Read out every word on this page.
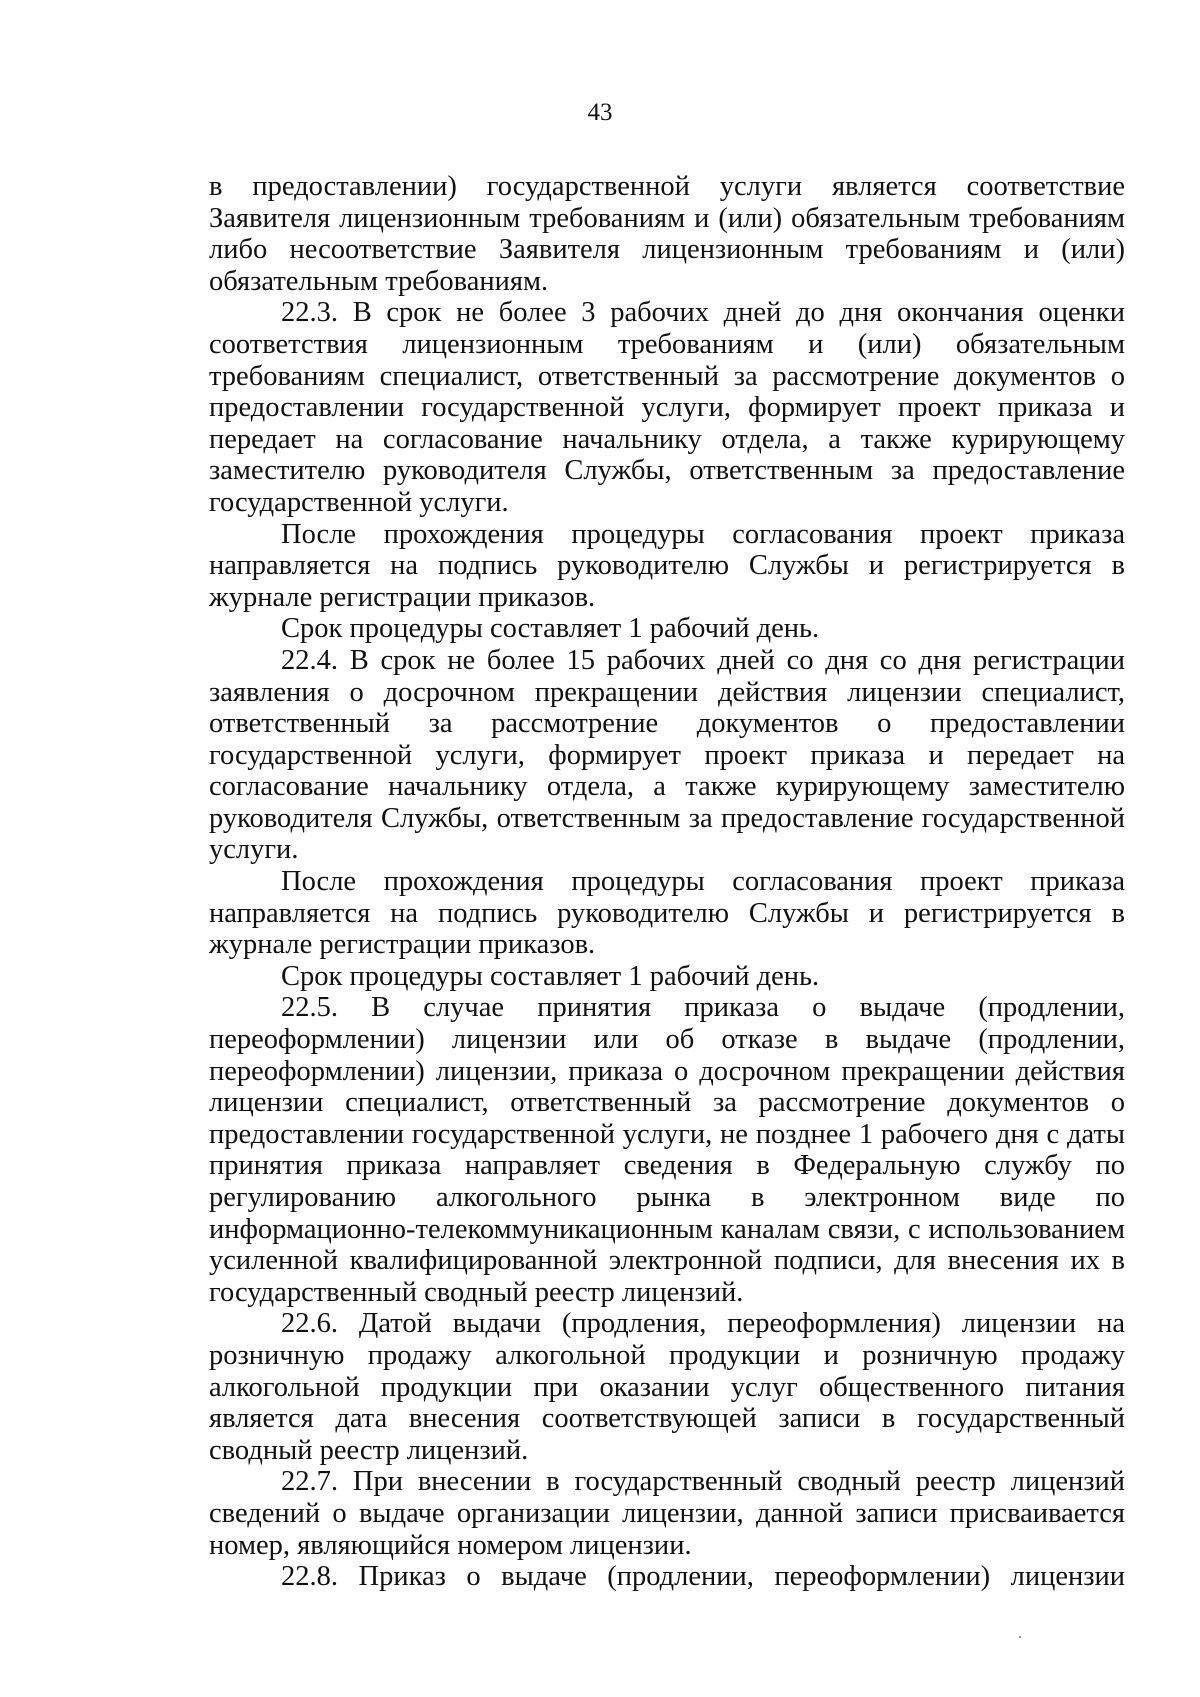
43

в предоставлении) государственной услуги является соответствие Заявителя лицензионным требованиям и (или) обязательным требованиям либо несоответствие Заявителя лицензионным требованиям и (или) обязательным требованиям.

22.3. В срок не более 3 рабочих дней до дня окончания оценки соответствия лицензионным требованиям и (или) обязательным требованиям специалист, ответственный за рассмотрение документов о предоставлении государственной услуги, формирует проект приказа и передает на согласование начальнику отдела, а также курирующему заместителю руководителя Службы, ответственным за предоставление государственной услуги.

После прохождения процедуры согласования проект приказа направляется на подпись руководителю Службы и регистрируется в журнале регистрации приказов.

Срок процедуры составляет 1 рабочий день.

22.4. В срок не более 15 рабочих дней со дня со дня регистрации заявления о досрочном прекращении действия лицензии специалист, ответственный за рассмотрение документов о предоставлении государственной услуги, формирует проект приказа и передает на согласование начальнику отдела, а также курирующему заместителю руководителя Службы, ответственным за предоставление государственной услуги.

После прохождения процедуры согласования проект приказа направляется на подпись руководителю Службы и регистрируется в журнале регистрации приказов.

Срок процедуры составляет 1 рабочий день.

22.5. В случае принятия приказа о выдаче (продлении, переоформлении) лицензии или об отказе в выдаче (продлении, переоформлении) лицензии, приказа о досрочном прекращении действия лицензии специалист, ответственный за рассмотрение документов о предоставлении государственной услуги, не позднее 1 рабочего дня с даты принятия приказа направляет сведения в Федеральную службу по регулированию алкогольного рынка в электронном виде по информационно-телекоммуникационным каналам связи, с использованием усиленной квалифицированной электронной подписи, для внесения их в государственный сводный реестр лицензий.

22.6. Датой выдачи (продления, переоформления) лицензии на розничную продажу алкогольной продукции и розничную продажу алкогольной продукции при оказании услуг общественного питания является дата внесения соответствующей записи в государственный сводный реестр лицензий.

22.7. При внесении в государственный сводный реестр лицензий сведений о выдаче организации лицензии, данной записи присваивается номер, являющийся номером лицензии.

22.8. Приказ о выдаче (продлении, переоформлении) лицензии
